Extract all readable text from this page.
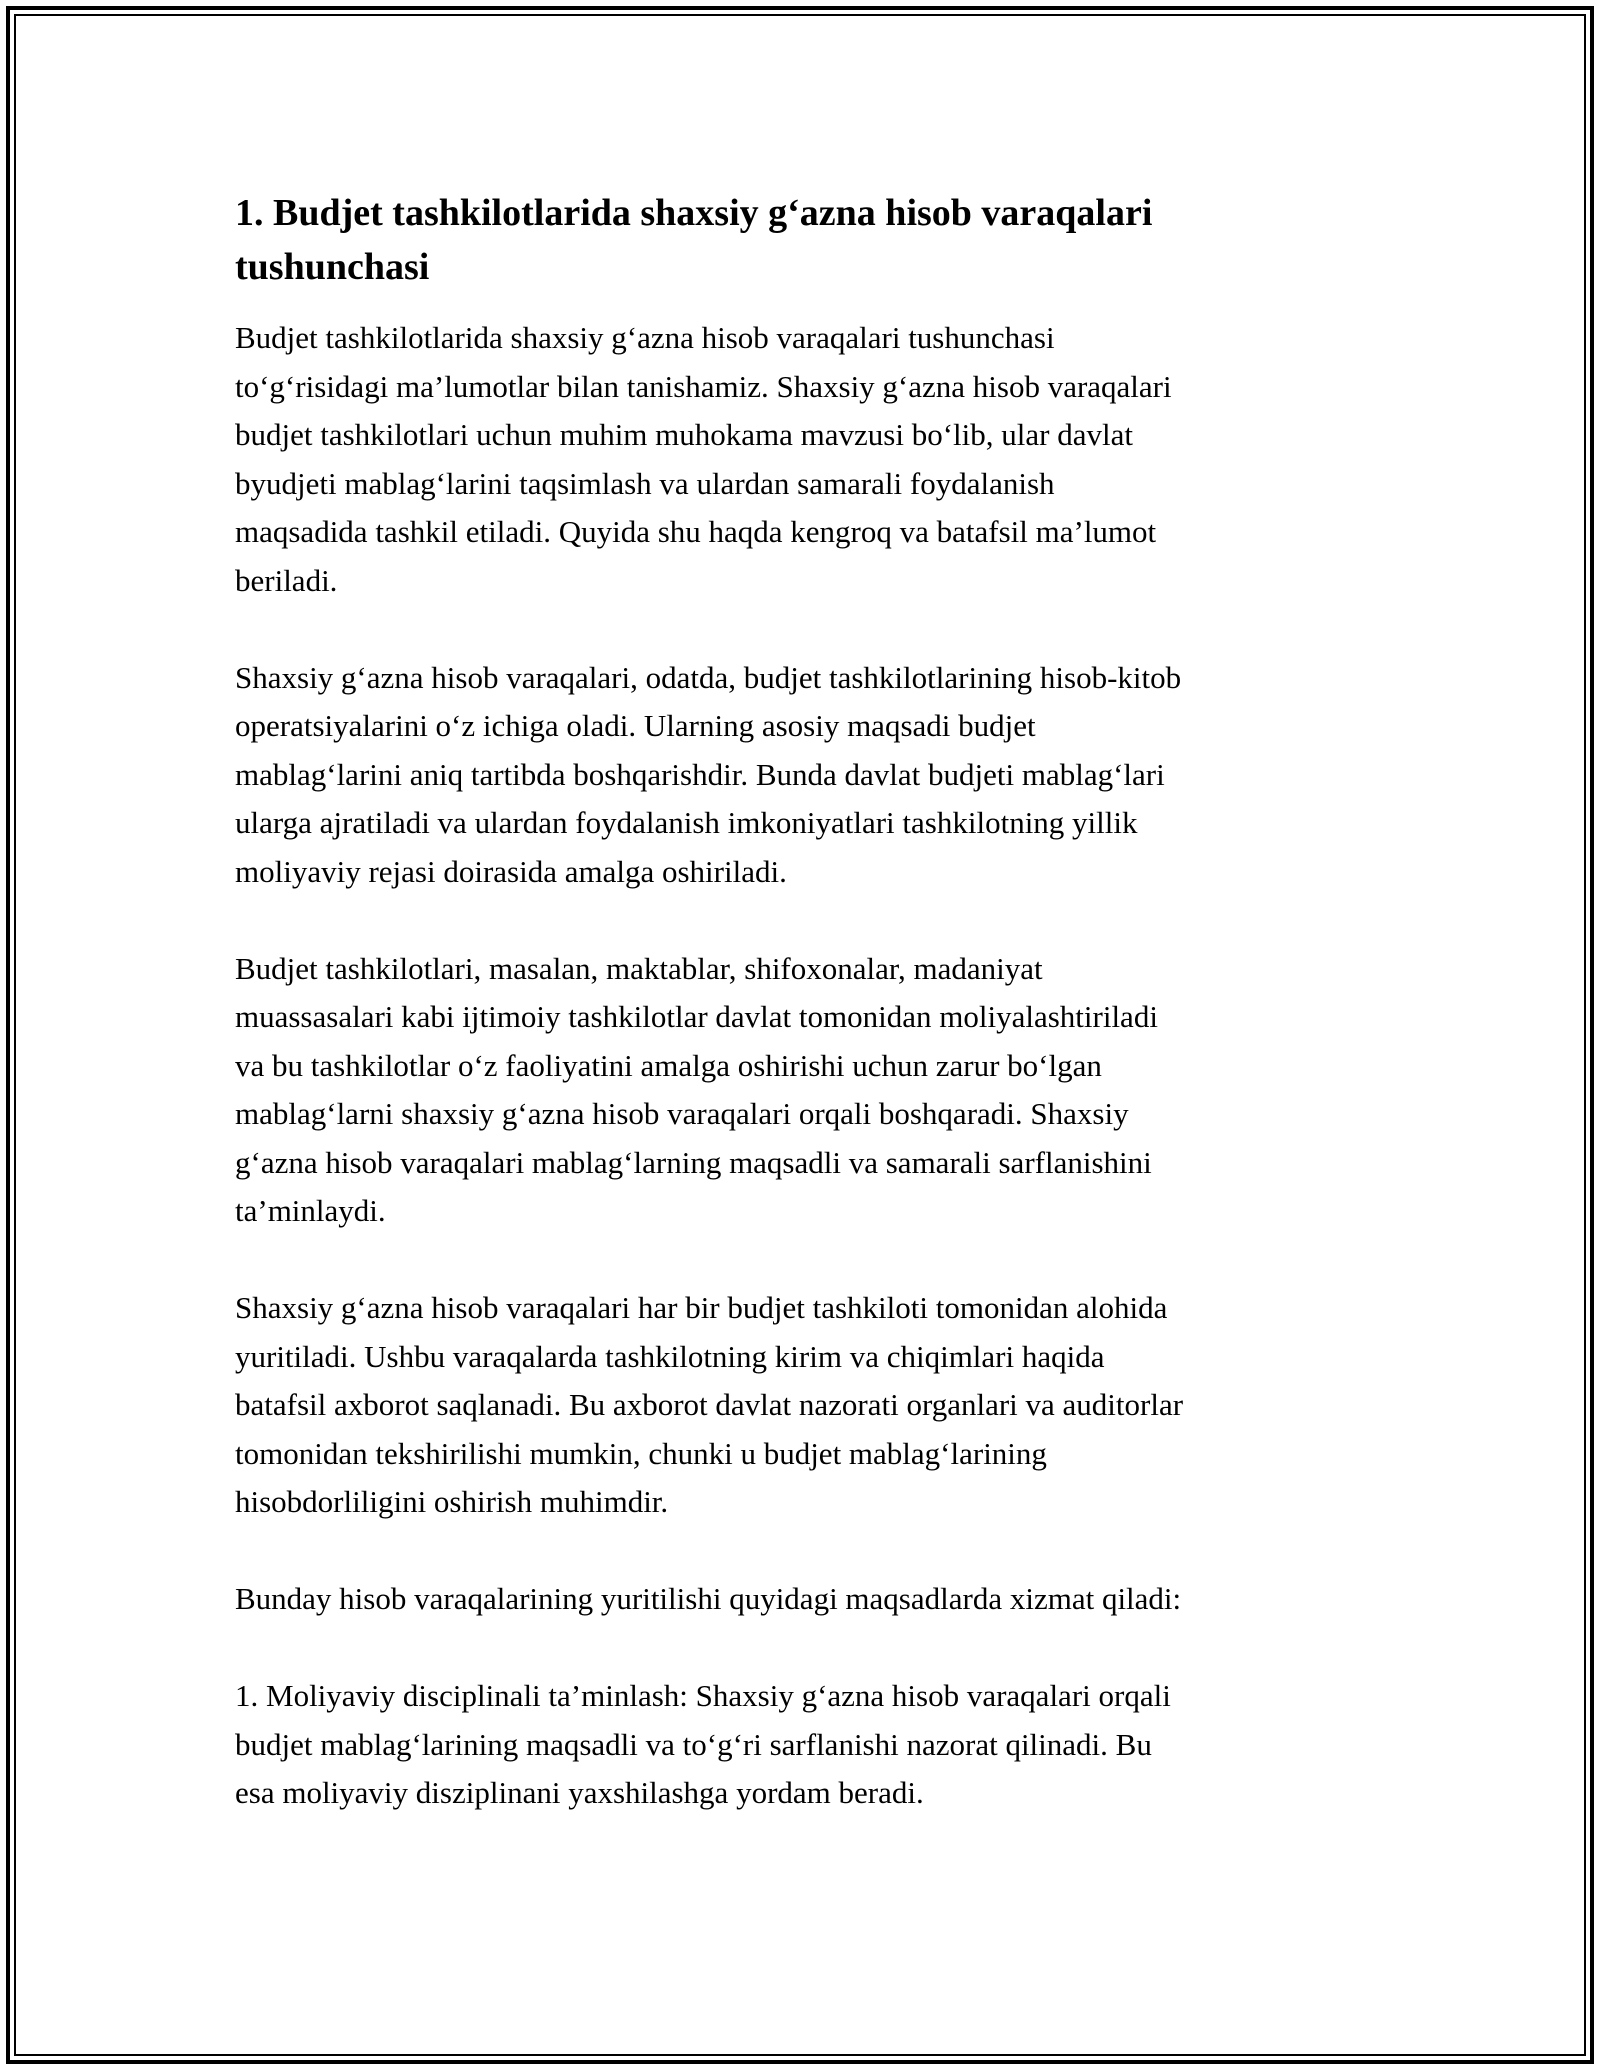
1. Budjet tashkilotlarida shaxsiy g‘azna hisob varaqalari tushunchasi
Budjet tashkilotlarida shaxsiy g‘azna hisob varaqalari tushunchasi
to‘g‘risidagi ma’lumotlar bilan tanishamiz. Shaxsiy g‘azna hisob varaqalari
budjet tashkilotlari uchun muhim muhokama mavzusi bo‘lib, ular davlat
byudjeti mablag‘larini taqsimlash va ulardan samarali foydalanish
maqsadida tashkil etiladi. Quyida shu haqda kengroq va batafsil ma’lumot
beriladi.
Shaxsiy g‘azna hisob varaqalari, odatda, budjet tashkilotlarining hisob-kitob
operatsiyalarini o‘z ichiga oladi. Ularning asosiy maqsadi budjet
mablag‘larini aniq tartibda boshqarishdir. Bunda davlat budjeti mablag‘lari
ularga ajratiladi va ulardan foydalanish imkoniyatlari tashkilotning yillik
moliyaviy rejasi doirasida amalga oshiriladi.
Budjet tashkilotlari, masalan, maktablar, shifoxonalar, madaniyat
muassasalari kabi ijtimoiy tashkilotlar davlat tomonidan moliyalashtiriladi
va bu tashkilotlar o‘z faoliyatini amalga oshirishi uchun zarur bo‘lgan
mablag‘larni shaxsiy g‘azna hisob varaqalari orqali boshqaradi. Shaxsiy
g‘azna hisob varaqalari mablag‘larning maqsadli va samarali sarflanishini
ta’minlaydi.
Shaxsiy g‘azna hisob varaqalari har bir budjet tashkiloti tomonidan alohida
yuritiladi. Ushbu varaqalarda tashkilotning kirim va chiqimlari haqida
batafsil axborot saqlanadi. Bu axborot davlat nazorati organlari va auditorlar
tomonidan tekshirilishi mumkin, chunki u budjet mablag‘larining
hisobdorliligini oshirish muhimdir.
Bunday hisob varaqalarining yuritilishi quyidagi maqsadlarda xizmat qiladi:
1. Moliyaviy disciplinali ta’minlash: Shaxsiy g‘azna hisob varaqalari orqali
budjet mablag‘larining maqsadli va to‘g‘ri sarflanishi nazorat qilinadi. Bu
esa moliyaviy disziplinani yaxshilashga yordam beradi.
